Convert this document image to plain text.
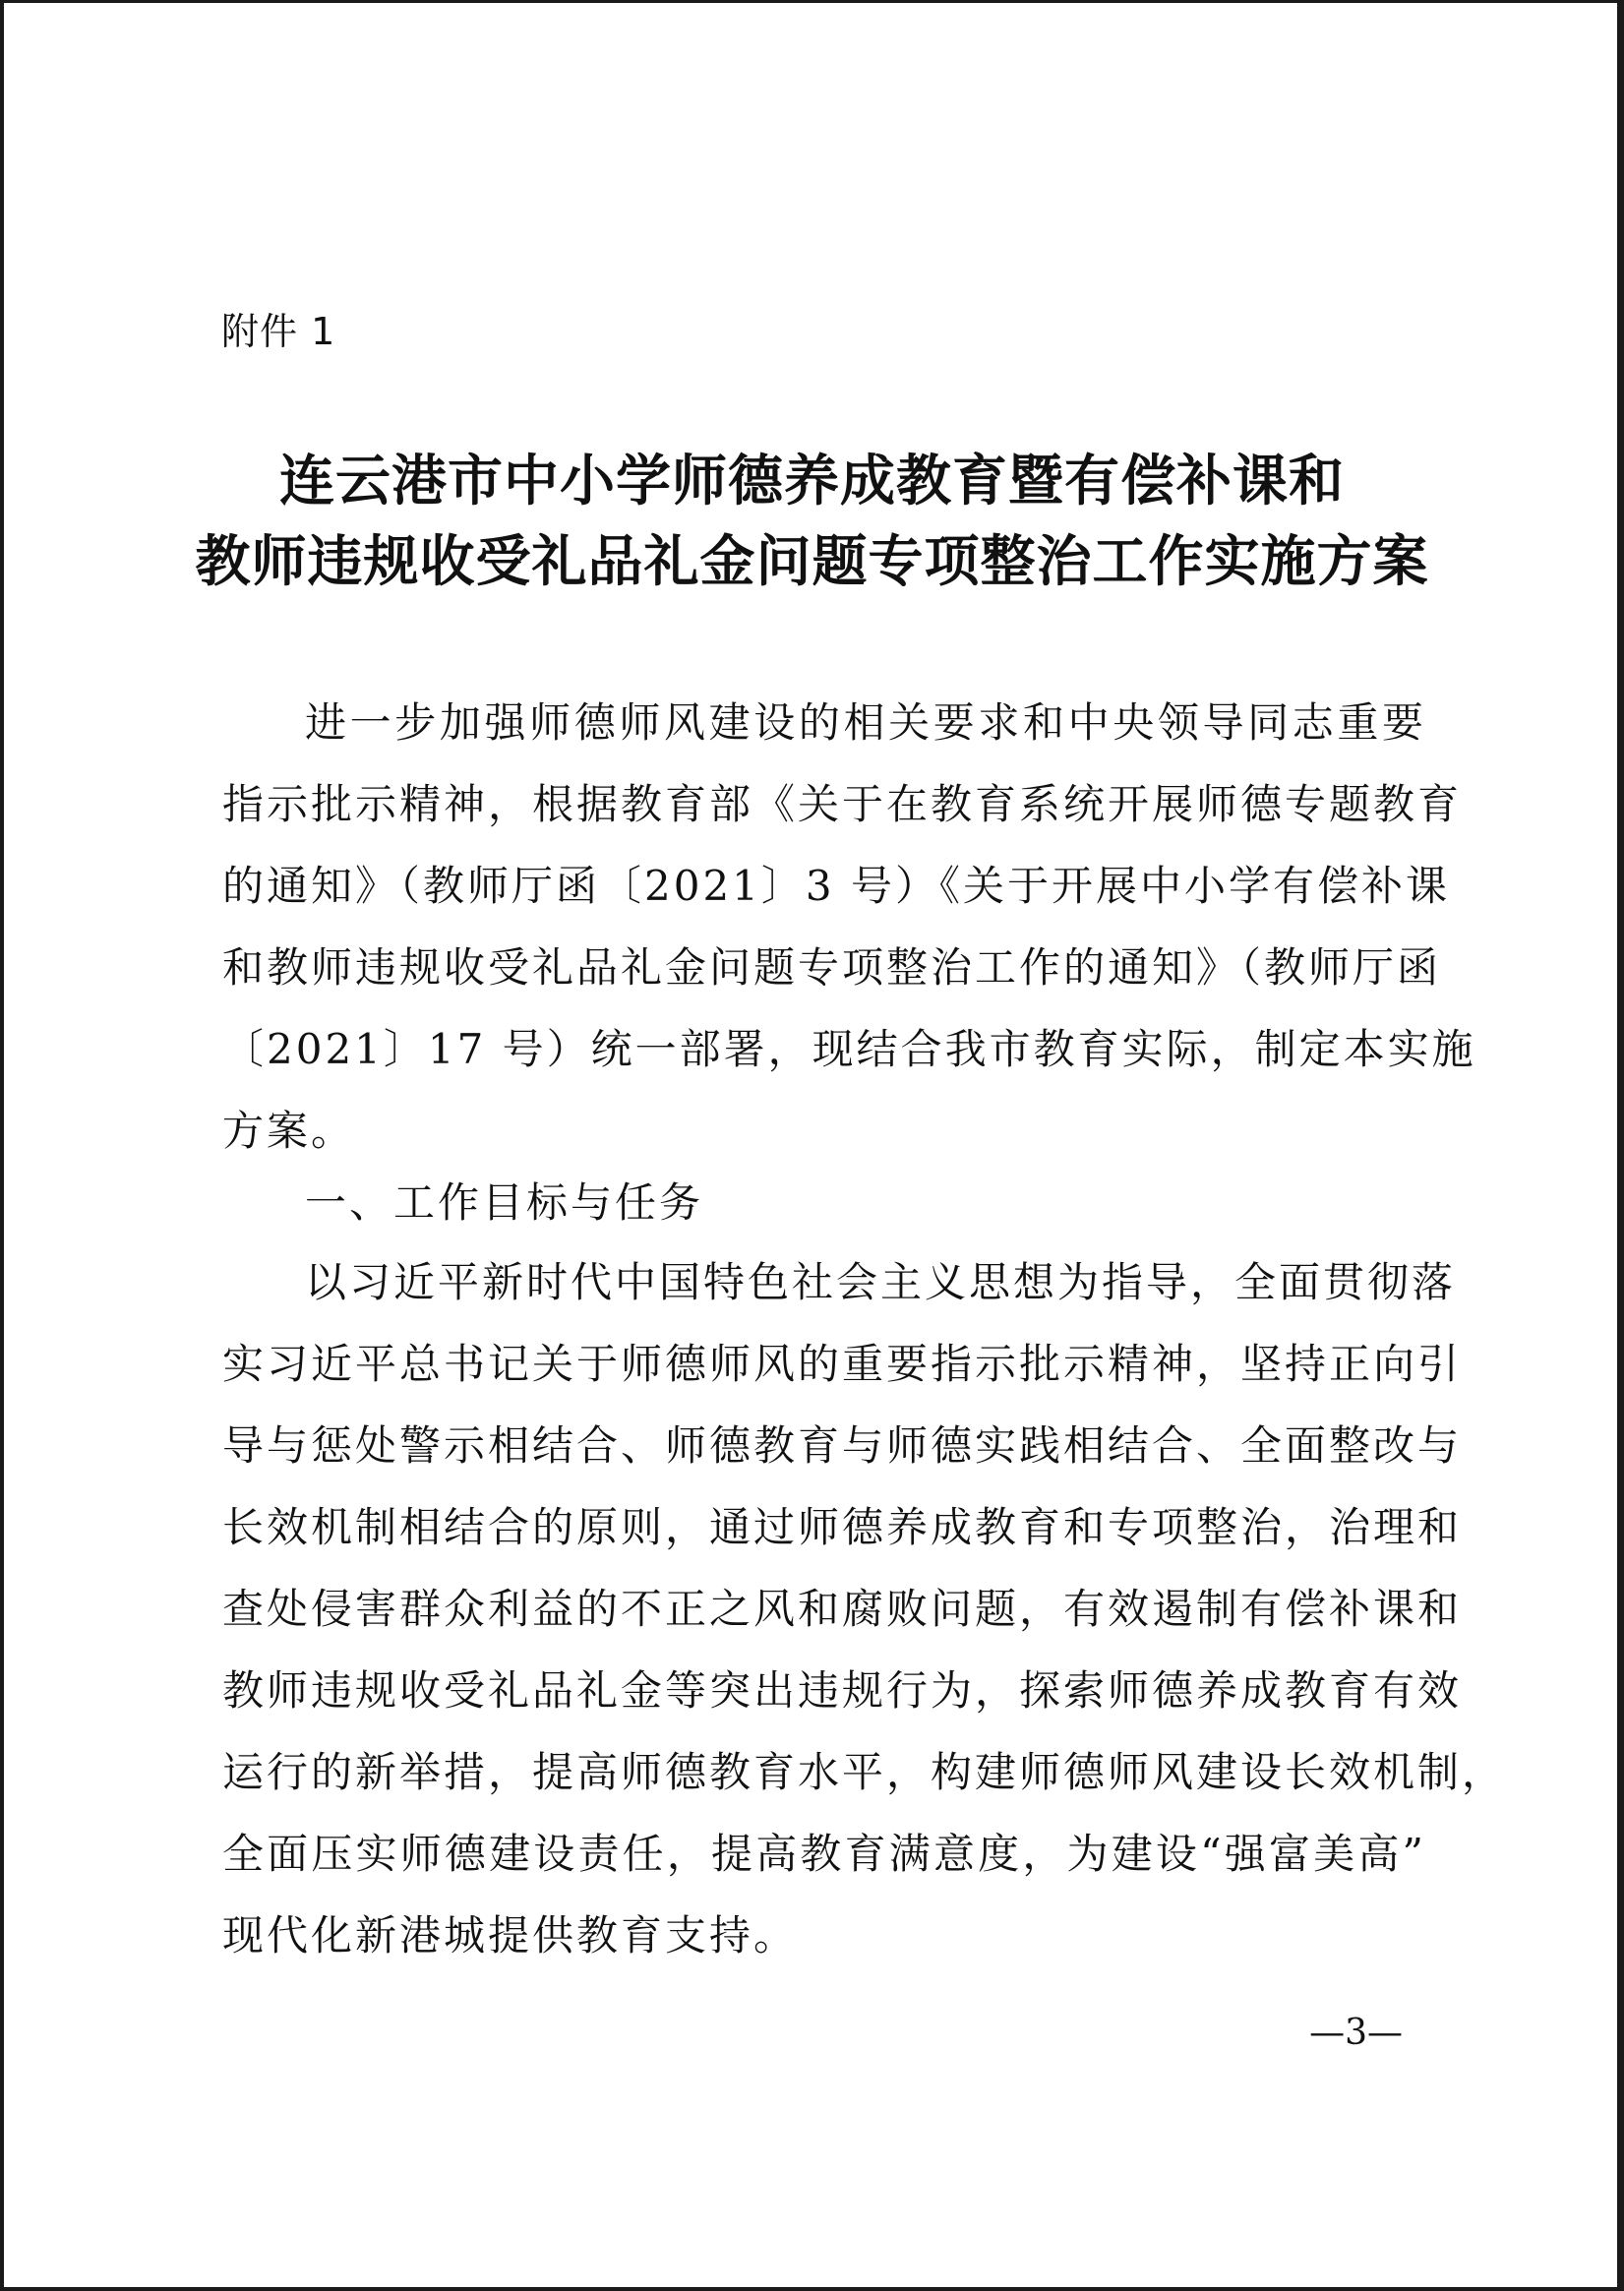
附件 1
连云港市中小学师德养成教育暨有偿补课和
教师违规收受礼品礼金问题专项整治工作实施方案
进一步加强师德师风建设的相关要求和中央领导同志重要
指示批示精神，根据教育部《关于在教育系统开展师德专题教育
的通知》（教师厅函〔2021〕3 号）《关于开展中小学有偿补课
和教师违规收受礼品礼金问题专项整治工作的通知》（教师厅函
〔2021〕17 号）统一部署，现结合我市教育实际，制定本实施
方案。
一、工作目标与任务
以习近平新时代中国特色社会主义思想为指导，全面贯彻落
实习近平总书记关于师德师风的重要指示批示精神，坚持正向引
导与惩处警示相结合、师德教育与师德实践相结合、全面整改与
长效机制相结合的原则，通过师德养成教育和专项整治，治理和
查处侵害群众利益的不正之风和腐败问题，有效遏制有偿补课和
教师违规收受礼品礼金等突出违规行为，探索师德养成教育有效
运行的新举措，提高师德教育水平，构建师德师风建设长效机制，
全面压实师德建设责任，提高教育满意度，为建设“强富美高”
现代化新港城提供教育支持。
—3—
